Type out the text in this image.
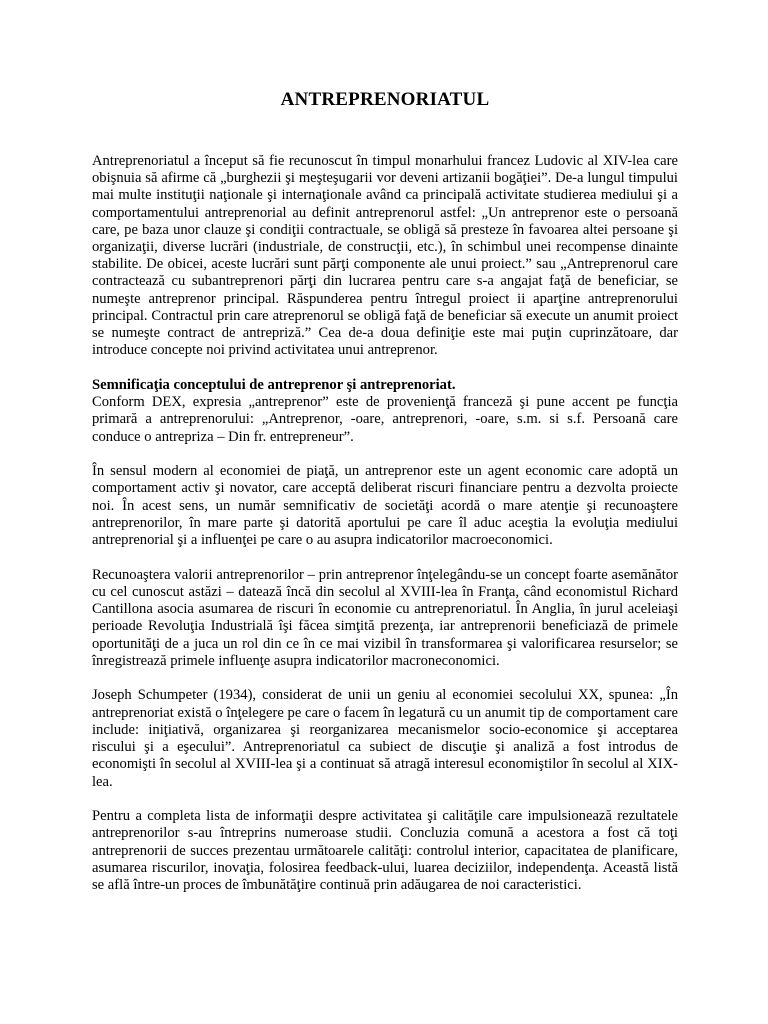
ANTREPRENORIATUL

Antreprenoriatul a început să fie recunoscut în timpul monarhului francez Ludovic al XIV-lea care obişnuia să afirme că „burghezii şi meşteşugarii vor deveni artizanii bogăţiei”. De-a lungul timpului mai multe instituţii naţionale şi internaţionale având ca principală activitate studierea mediului şi a comportamentului antreprenorial au definit antreprenorul astfel: „Un antreprenor este o persoană care, pe baza unor clauze şi condiţii contractuale, se obligă să presteze în favoarea altei persoane şi organizaţii, diverse lucrări (industriale, de construcţii, etc.), în schimbul unei recompense dinainte stabilite. De obicei, aceste lucrări sunt părţi componente ale unui proiect.” sau „Antreprenorul care contractează cu subantreprenori părţi din lucrarea pentru care s-a angajat faţă de beneficiar, se numeşte antreprenor principal. Răspunderea pentru întregul proiect ii aparţine antreprenorului principal. Contractul prin care atreprenorul se obligă faţă de beneficiar să execute un anumit proiect se numeşte contract de antrepriză.” Cea de-a doua definiţie este mai puţin cuprinzătoare, dar introduce concepte noi privind activitatea unui antreprenor.

Semnificaţia conceptului de antreprenor şi antreprenoriat.

Conform DEX, expresia „antreprenor” este de provenienţă franceză şi pune accent pe funcţia primară a antreprenorului: „Antreprenor, -oare, antreprenori, -oare, s.m. si s.f. Persoană care conduce o antrepriza – Din fr. entrepreneur”.

În sensul modern al economiei de piaţă, un antreprenor este un agent economic care adoptă un comportament activ şi novator, care acceptă deliberat riscuri financiare pentru a dezvolta proiecte noi. În acest sens, un număr semnificativ de societăţi acordă o mare atenţie şi recunoaştere antreprenorilor, în mare parte şi datorită aportului pe care îl aduc aceştia la evoluţia mediului antreprenorial şi a influenţei pe care o au asupra indicatorilor macroeconomici.

Recunoaştera valorii antreprenorilor – prin antreprenor înţelegându-se un concept foarte asemănător cu cel cunoscut astăzi – datează încă din secolul al XVIII-lea în Franţa, când economistul Richard Cantillona asocia asumarea de riscuri în economie cu antreprenoriatul. În Anglia, în jurul aceleiaşi perioade Revoluţia Industrială îşi făcea simţită prezenţa, iar antreprenorii beneficiază de primele oportunităţi de a juca un rol din ce în ce mai vizibil în transformarea şi valorificarea resurselor; se înregistrează primele influenţe asupra indicatorilor macroneconomici.

Joseph Schumpeter (1934), considerat de unii un geniu al economiei secolului XX, spunea: „În antreprenoriat există o înţelegere pe care o facem în legatură cu un anumit tip de comportament care include: iniţiativă, organizarea şi reorganizarea mecanismelor socio-economice şi acceptarea riscului şi a eşecului”. Antreprenoriatul ca subiect de discuţie şi analiză a fost introdus de economişti în secolul al XVIII-lea şi a continuat să atragă interesul economiştilor în secolul al XIX-lea.

Pentru a completa lista de informaţii despre activitatea şi calităţile care impulsionează rezultatele antreprenorilor s-au întreprins numeroase studii. Concluzia comună a acestora a fost că toţi antreprenorii de succes prezentau următoarele calităţi: controlul interior, capacitatea de planificare, asumarea riscurilor, inovaţia, folosirea feedback-ului, luarea deciziilor, independenţa. Această listă se află între-un proces de îmbunătăţire continuă prin adăugarea de noi caracteristici.
